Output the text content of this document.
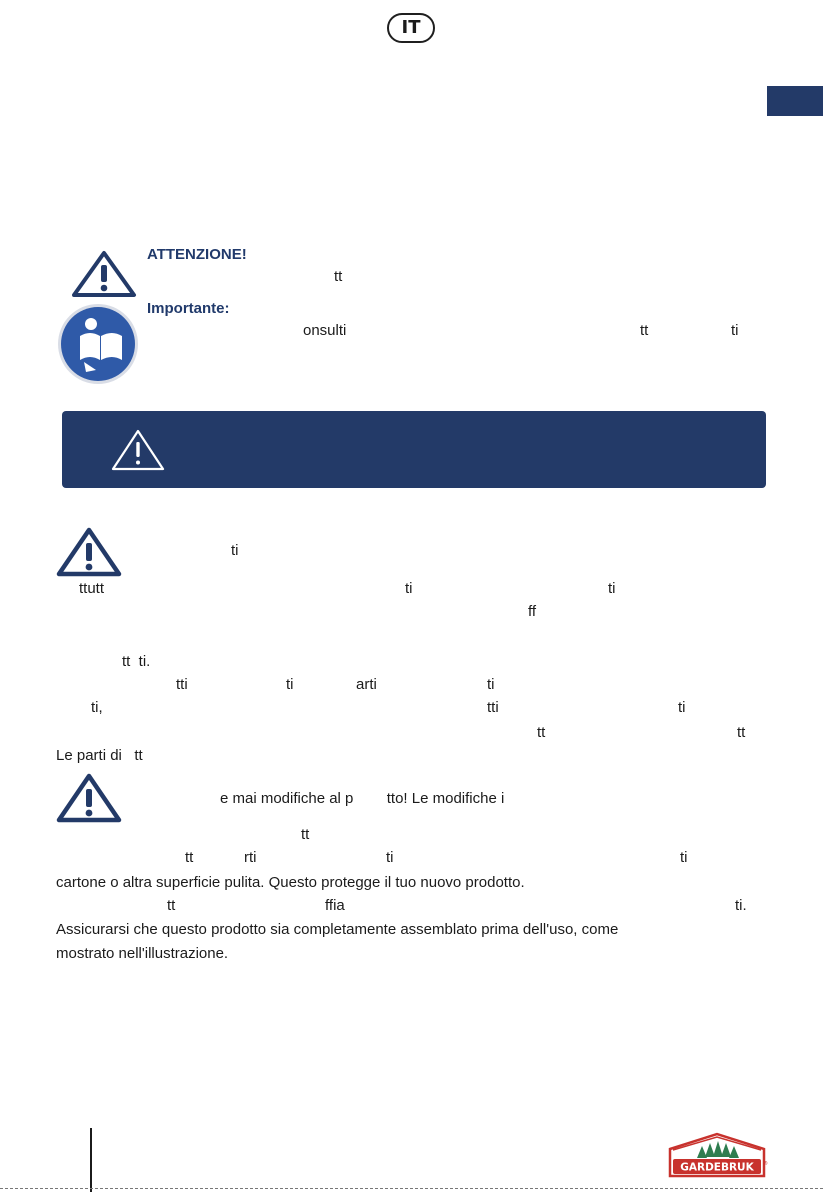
IT
ATTENZIONE!
tt
Importante:
onsulti	tt	ti
ti
ttutt	ti	ti
ff
tt  ti.
tti	ti	arti	ti
ti,	tti	ti
tt	tt
Le parti di   tt
e mai modifiche al p        tto! Le modifiche i
tt
tt	rti	ti	ti
cartone o altra superficie pulita. Questo protegge il tuo nuovo prodotto.
tt	ffia	ti.
Assicurarsi che questo prodotto sia completamente assemblato prima dell'uso, come
mostrato nell'illustrazione.
GARDEBRUK ®
